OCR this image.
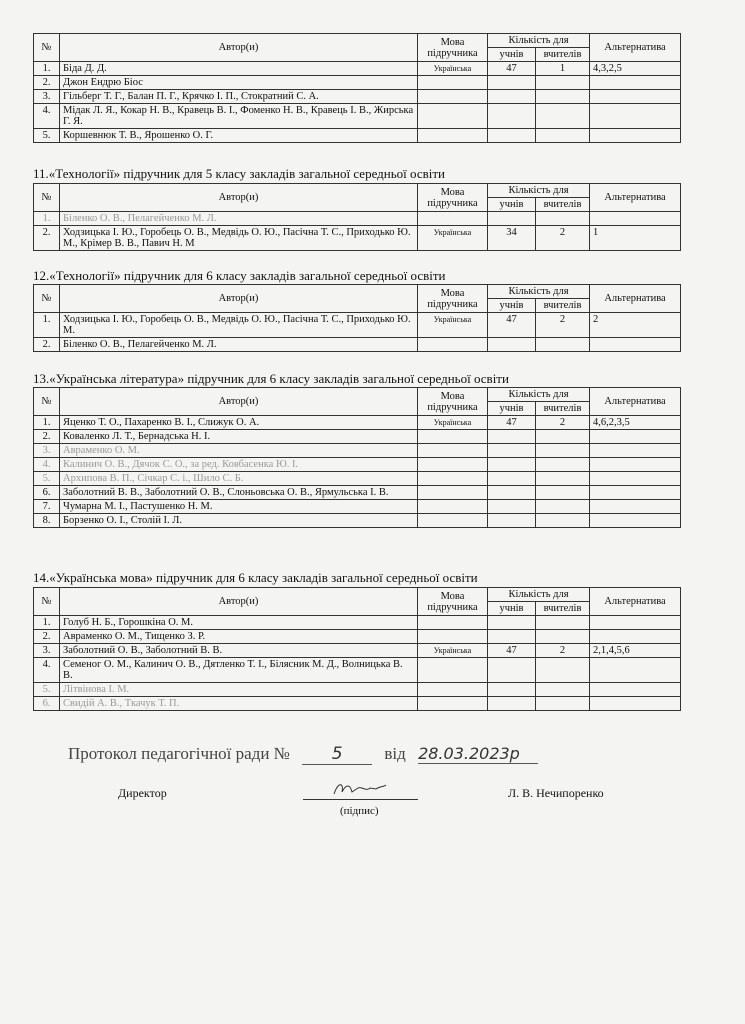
№	Автор(и)	Мова підручника	Кількість для		Альтернатива
			учнів	вчителів	
1.	Біда Д. Д.	Українська	47	1	4,3,2,5
2.	Джон Ендрю Біос				
3.	Гільберг Т. Г., Балан П. Г., Крячко І. П., Стократний С. А.				
4.	Мідак Л. Я., Кокар Н. В., Кравець В. І., Фоменко Н. В., Кравець І. В., Жирська Г. Я.				
5.	Коршевнюк Т. В., Ярошенко О. Г.				
11.«Технології» підручник для 5 класу закладів загальної середньої освіти
№	Автор(и)	Мова підручника	Кількість для		Альтернатива
			учнів	вчителів	
1.	Біленко О. В., Пелагейченко М. Л.				
2.	Ходзицька І. Ю., Горобець О. В., Медвідь О. Ю., Пасічна Т. С., Приходько Ю. М., Крімер В. В., Павич Н. М	Українська	34	2	1
12.«Технології» підручник для 6 класу закладів загальної середньої освіти
№	Автор(и)	Мова підручника	Кількість для		Альтернатива
			учнів	вчителів	
1.	Ходзицька І. Ю., Горобець О. В., Медвідь О. Ю., Пасічна Т. С., Приходько Ю. М.	Українська	47	2	2
2.	Біленко О. В., Пелагейченко М. Л.				
13.«Українська література» підручник для 6 класу закладів загальної середньої освіти
№	Автор(и)	Мова підручника	Кількість для		Альтернатива
			учнів	вчителів	
1.	Яценко Т. О., Пахаренко В. І., Слижук О. А.	Українська	47	2	4,6,2,3,5
2.	Коваленко Л. Т., Бернадська Н. І.				
3.	Авраменко О. М.				
4.	Калинич О. В., Дячок С. О., за ред. Ковбасенка Ю. І.				
5.	Архипова В. П., Січкар С. і., Шило С. Б.				
6.	Заболотний В. В., Заболотний О. В., Слоньовська О. В., Ярмульська І. В.				
7.	Чумарна М. І., Пастушенко Н. М.				
8.	Борзенко О. І., Столій І. Л.				
14.«Українська мова» підручник для 6 класу закладів загальної середньої освіти
№	Автор(и)	Мова підручника	Кількість для		Альтернатива
			учнів	вчителів	
1.	Голуб Н. Б., Горошкіна О. М.				
2.	Авраменко О. М., Тищенко З. Р.				
3.	Заболотний О. В., Заболотний В. В.	Українська	47	2	2,1,4,5,6
4.	Семеног О. М., Калинич О. В., Дятленко Т. І., Білясник М. Д., Волницька В. В.				
5.	Літвінова І. М.				
6.	Свидій А. В., Ткачук Т. П.				
Протокол педагогічної ради № 5 від 28.03.2023р
Директор
(підпис)
Л. В. Нечипоренко
